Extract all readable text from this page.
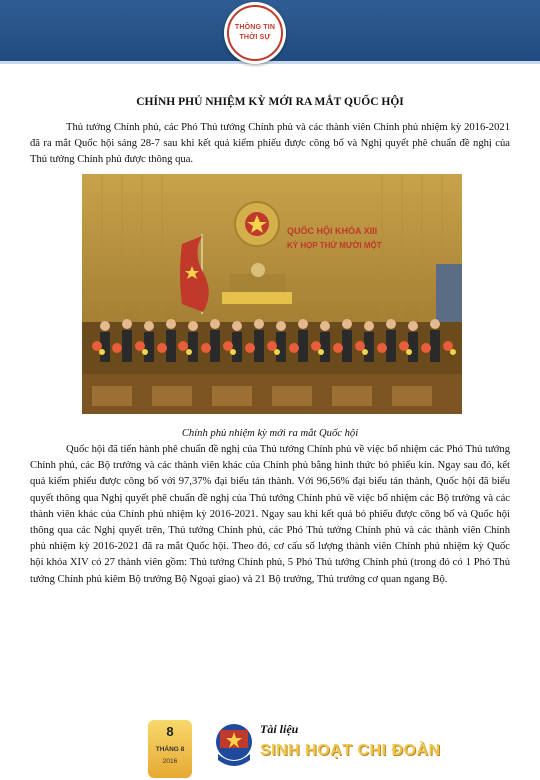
THÔNG TIN
THỜI SỰ
CHÍNH PHỦ NHIỆM KỲ MỚI RA MẮT QUỐC HỘI
Thủ tướng Chính phủ, các Phó Thủ tướng Chính phủ và các thành viên Chính phủ nhiệm kỳ 2016-2021 đã ra mắt Quốc hội sáng 28-7 sau khi kết quả kiểm phiếu được công bố và Nghị quyết phê chuẩn đề nghị của Thủ tướng Chính phủ được thông qua.
QUỐC HỘI KHÓA XIII
KỲ HỌP THỨ MƯỜI MỘT
Chính phủ nhiệm kỳ mới ra mắt Quốc hội
Quốc hội đã tiến hành phê chuẩn đề nghị của Thủ tướng Chính phủ về việc bổ nhiệm các Phó Thủ tướng Chính phủ, các Bộ trưởng và các thành viên khác của Chính phủ bằng hình thức bỏ phiếu kín. Ngay sau đó, kết quả kiểm phiếu được công bố với 97,37% đại biểu tán thành. Với 96,56% đại biểu tán thành, Quốc hội đã biểu quyết thông qua Nghị quyết phê chuẩn đề nghị của Thủ tướng Chính phủ về việc bổ nhiệm các Bộ trưởng và các thành viên khác của Chính phủ nhiệm kỳ 2016-2021. Ngay sau khi kết quả bỏ phiếu được công bố và Quốc hội thông qua các Nghị quyết trên, Thủ tướng Chính phủ, các Phó Thủ tướng Chính phủ và các thành viên Chính phủ nhiệm kỳ 2016-2021 đã ra mắt Quốc hội. Theo đó, cơ cấu số lượng thành viên Chính phủ nhiệm kỳ Quốc hội khóa XIV có 27 thành viên gồm: Thủ tướng Chính phủ, 5 Phó Thủ tướng Chính phủ (trong đó có 1 Phó Thủ tướng Chính phủ kiêm Bộ trưởng Bộ Ngoại giao) và 21 Bộ trưởng, Thủ trưởng cơ quan ngang Bộ.
8
THÁNG 8
2016
Tài liệu
SINH HOẠT CHI ĐOÀN
